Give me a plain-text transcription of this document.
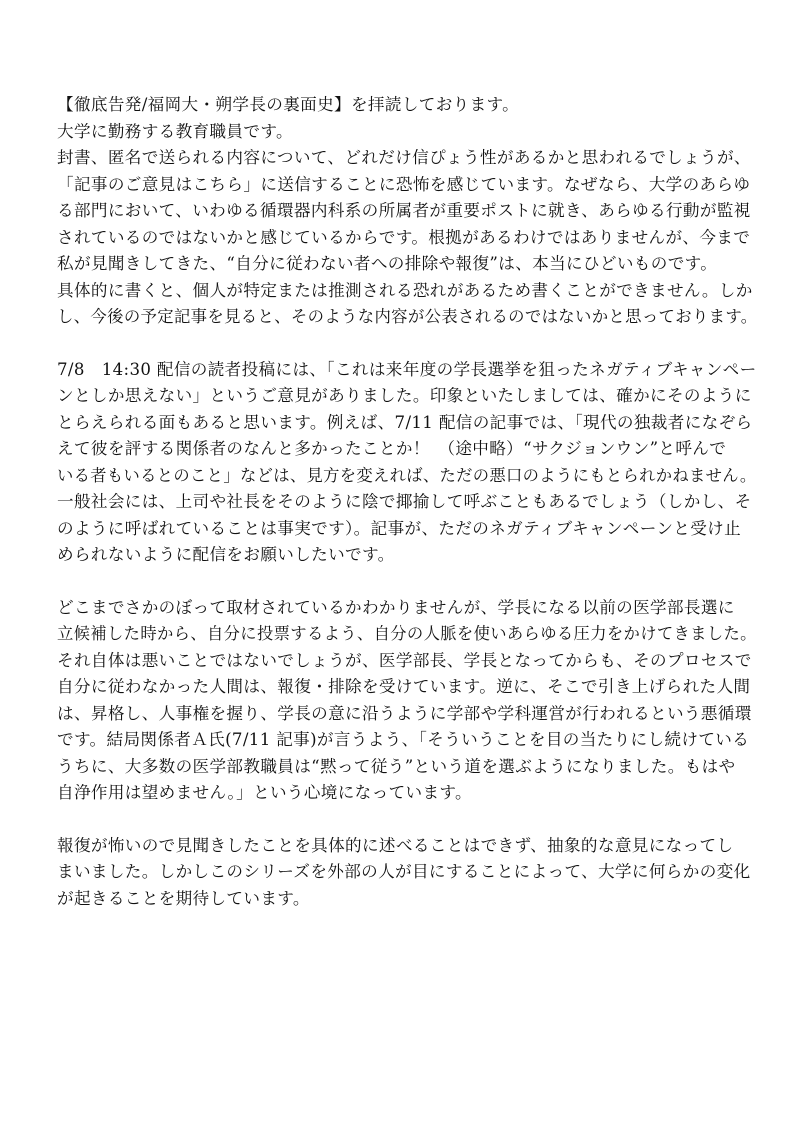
【徹底告発/福岡大・朔学長の裏面史】を拝読しております。
大学に勤務する教育職員です。
封書、匿名で送られる内容について、どれだけ信ぴょう性があるかと思われるでしょうが、
「記事のご意見はこちら」に送信することに恐怖を感じています。なぜなら、大学のあらゆ
る部門において、いわゆる循環器内科系の所属者が重要ポストに就き、あらゆる行動が監視
されているのではないかと感じているからです。根拠があるわけではありませんが、今まで
私が見聞きしてきた、“自分に従わない者への排除や報復”は、本当にひどいものです。
具体的に書くと、個人が特定または推測される恐れがあるため書くことができません。しか
し、今後の予定記事を見ると、そのような内容が公表されるのではないかと思っております。
7/8　14:30 配信の読者投稿には、「これは来年度の学長選挙を狙ったネガティブキャンペー
ンとしか思えない」というご意見がありました。印象といたしましては、確かにそのように
とらえられる面もあると思います。例えば、7/11 配信の記事では、「現代の独裁者になぞら
えて彼を評する関係者のなんと多かったことか！　（途中略）“サクジョンウン”と呼んで
いる者もいるとのこと」などは、見方を変えれば、ただの悪口のようにもとられかねません。
一般社会には、上司や社長をそのように陰で揶揄して呼ぶこともあるでしょう（しかし、そ
のように呼ばれていることは事実です）。記事が、ただのネガティブキャンペーンと受け止
められないように配信をお願いしたいです。
どこまでさかのぼって取材されているかわかりませんが、学長になる以前の医学部長選に
立候補した時から、自分に投票するよう、自分の人脈を使いあらゆる圧力をかけてきました。
それ自体は悪いことではないでしょうが、医学部長、学長となってからも、そのプロセスで
自分に従わなかった人間は、報復・排除を受けています。逆に、そこで引き上げられた人間
は、昇格し、人事権を握り、学長の意に沿うように学部や学科運営が行われるという悪循環
です。結局関係者Ａ氏(7/11 記事)が言うよう、「そういうことを目の当たりにし続けている
うちに、大多数の医学部教職員は“黙って従う”という道を選ぶようになりました。もはや
自浄作用は望めません。」という心境になっています。
報復が怖いので見聞きしたことを具体的に述べることはできず、抽象的な意見になってし
まいました。しかしこのシリーズを外部の人が目にすることによって、大学に何らかの変化
が起きることを期待しています。
